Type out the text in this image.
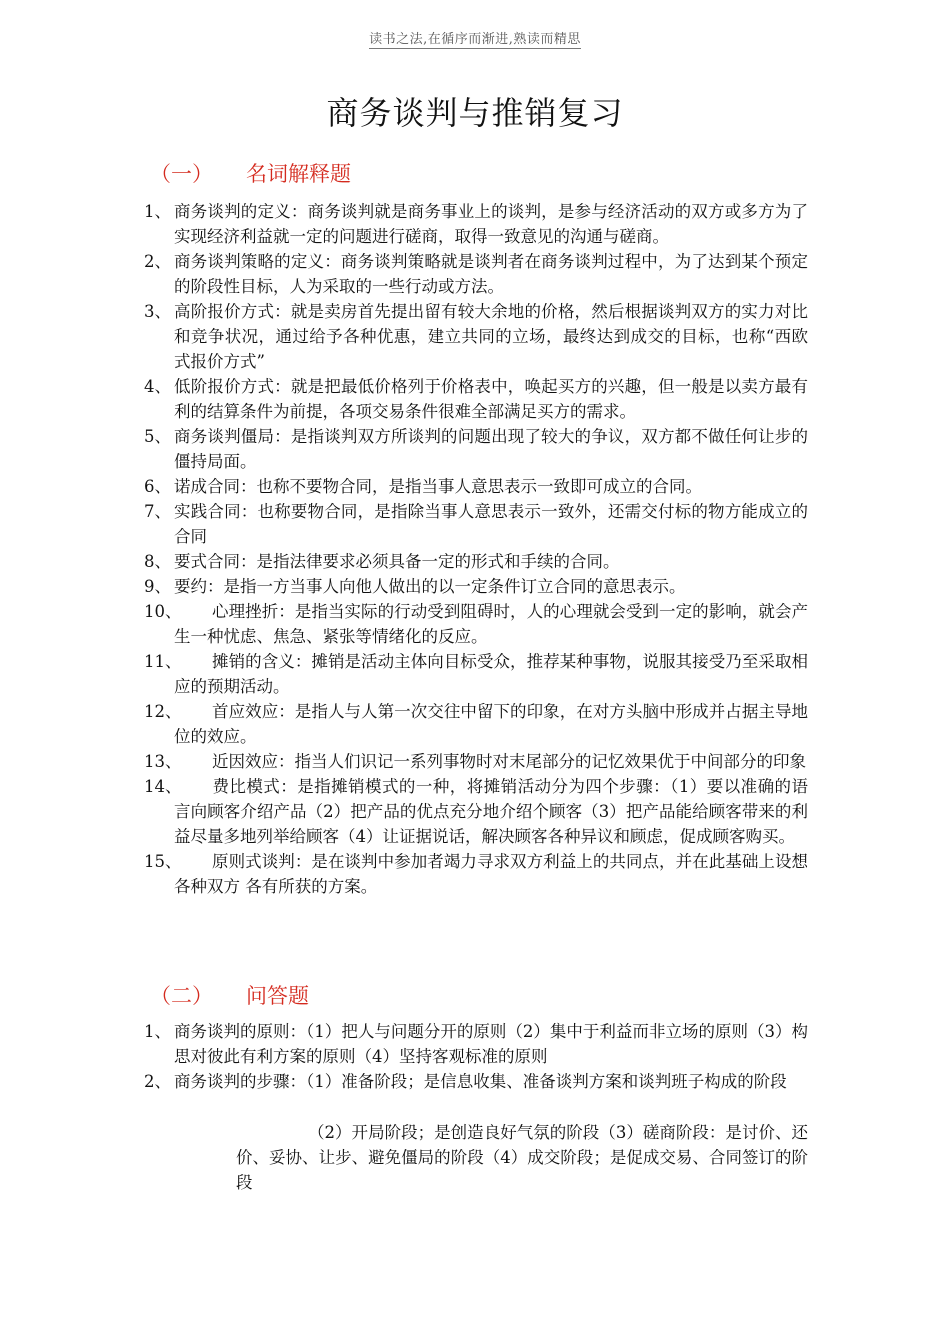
读书之法,在循序而渐进,熟读而精思
商务谈判与推销复习
（一） 名词解释题
1、 商务谈判的定义：商务谈判就是商务事业上的谈判，是参与经济活动的双方或多方为了实现经济利益就一定的问题进行磋商，取得一致意见的沟通与磋商。
2、 商务谈判策略的定义：商务谈判策略就是谈判者在商务谈判过程中，为了达到某个预定的阶段性目标，人为采取的一些行动或方法。
3、 高阶报价方式：就是卖房首先提出留有较大余地的价格，然后根据谈判双方的实力对比和竞争状况，通过给予各种优惠，建立共同的立场，最终达到成交的目标，也称“西欧式报价方式”
4、 低阶报价方式：就是把最低价格列于价格表中，唤起买方的兴趣，但一般是以卖方最有利的结算条件为前提，各项交易条件很难全部满足买方的需求。
5、 商务谈判僵局：是指谈判双方所谈判的问题出现了较大的争议，双方都不做任何让步的僵持局面。
6、 诺成合同：也称不要物合同，是指当事人意思表示一致即可成立的合同。
7、 实践合同：也称要物合同，是指除当事人意思表示一致外，还需交付标的物方能成立的合同
8、 要式合同：是指法律要求必须具备一定的形式和手续的合同。
9、 要约：是指一方当事人向他人做出的以一定条件订立合同的意思表示。
10、	心理挫折：是指当实际的行动受到阻碍时，人的心理就会受到一定的影响，就会产生一种忧虑、焦急、紧张等情绪化的反应。
11、	摊销的含义：摊销是活动主体向目标受众，推荐某种事物，说服其接受乃至采取相应的预期活动。
12、	首应效应：是指人与人第一次交往中留下的印象，在对方头脑中形成并占据主导地位的效应。
13、	近因效应：指当人们识记一系列事物时对末尾部分的记忆效果优于中间部分的印象
14、	费比模式：是指摊销模式的一种，将摊销活动分为四个步骤：（1）要以准确的语言向顾客介绍产品（2）把产品的优点充分地介绍个顾客（3）把产品能给顾客带来的利益尽量多地列举给顾客（4）让证据说话，解决顾客各种异议和顾虑，促成顾客购买。
15、	原则式谈判：是在谈判中参加者竭力寻求双方利益上的共同点，并在此基础上设想各种双方 各有所获的方案。
（二） 问答题
1、 商务谈判的原则：（1）把人与问题分开的原则（2）集中于利益而非立场的原则（3）构思对彼此有利方案的原则（4）坚持客观标准的原则
2、 商务谈判的步骤：（1）准备阶段；是信息收集、准备谈判方案和谈判班子构成的阶段
（2）开局阶段；是创造良好气氛的阶段（3）磋商阶段：是讨价、还价、妥协、让步、避免僵局的阶段（4）成交阶段；是促成交易、合同签订的阶段
